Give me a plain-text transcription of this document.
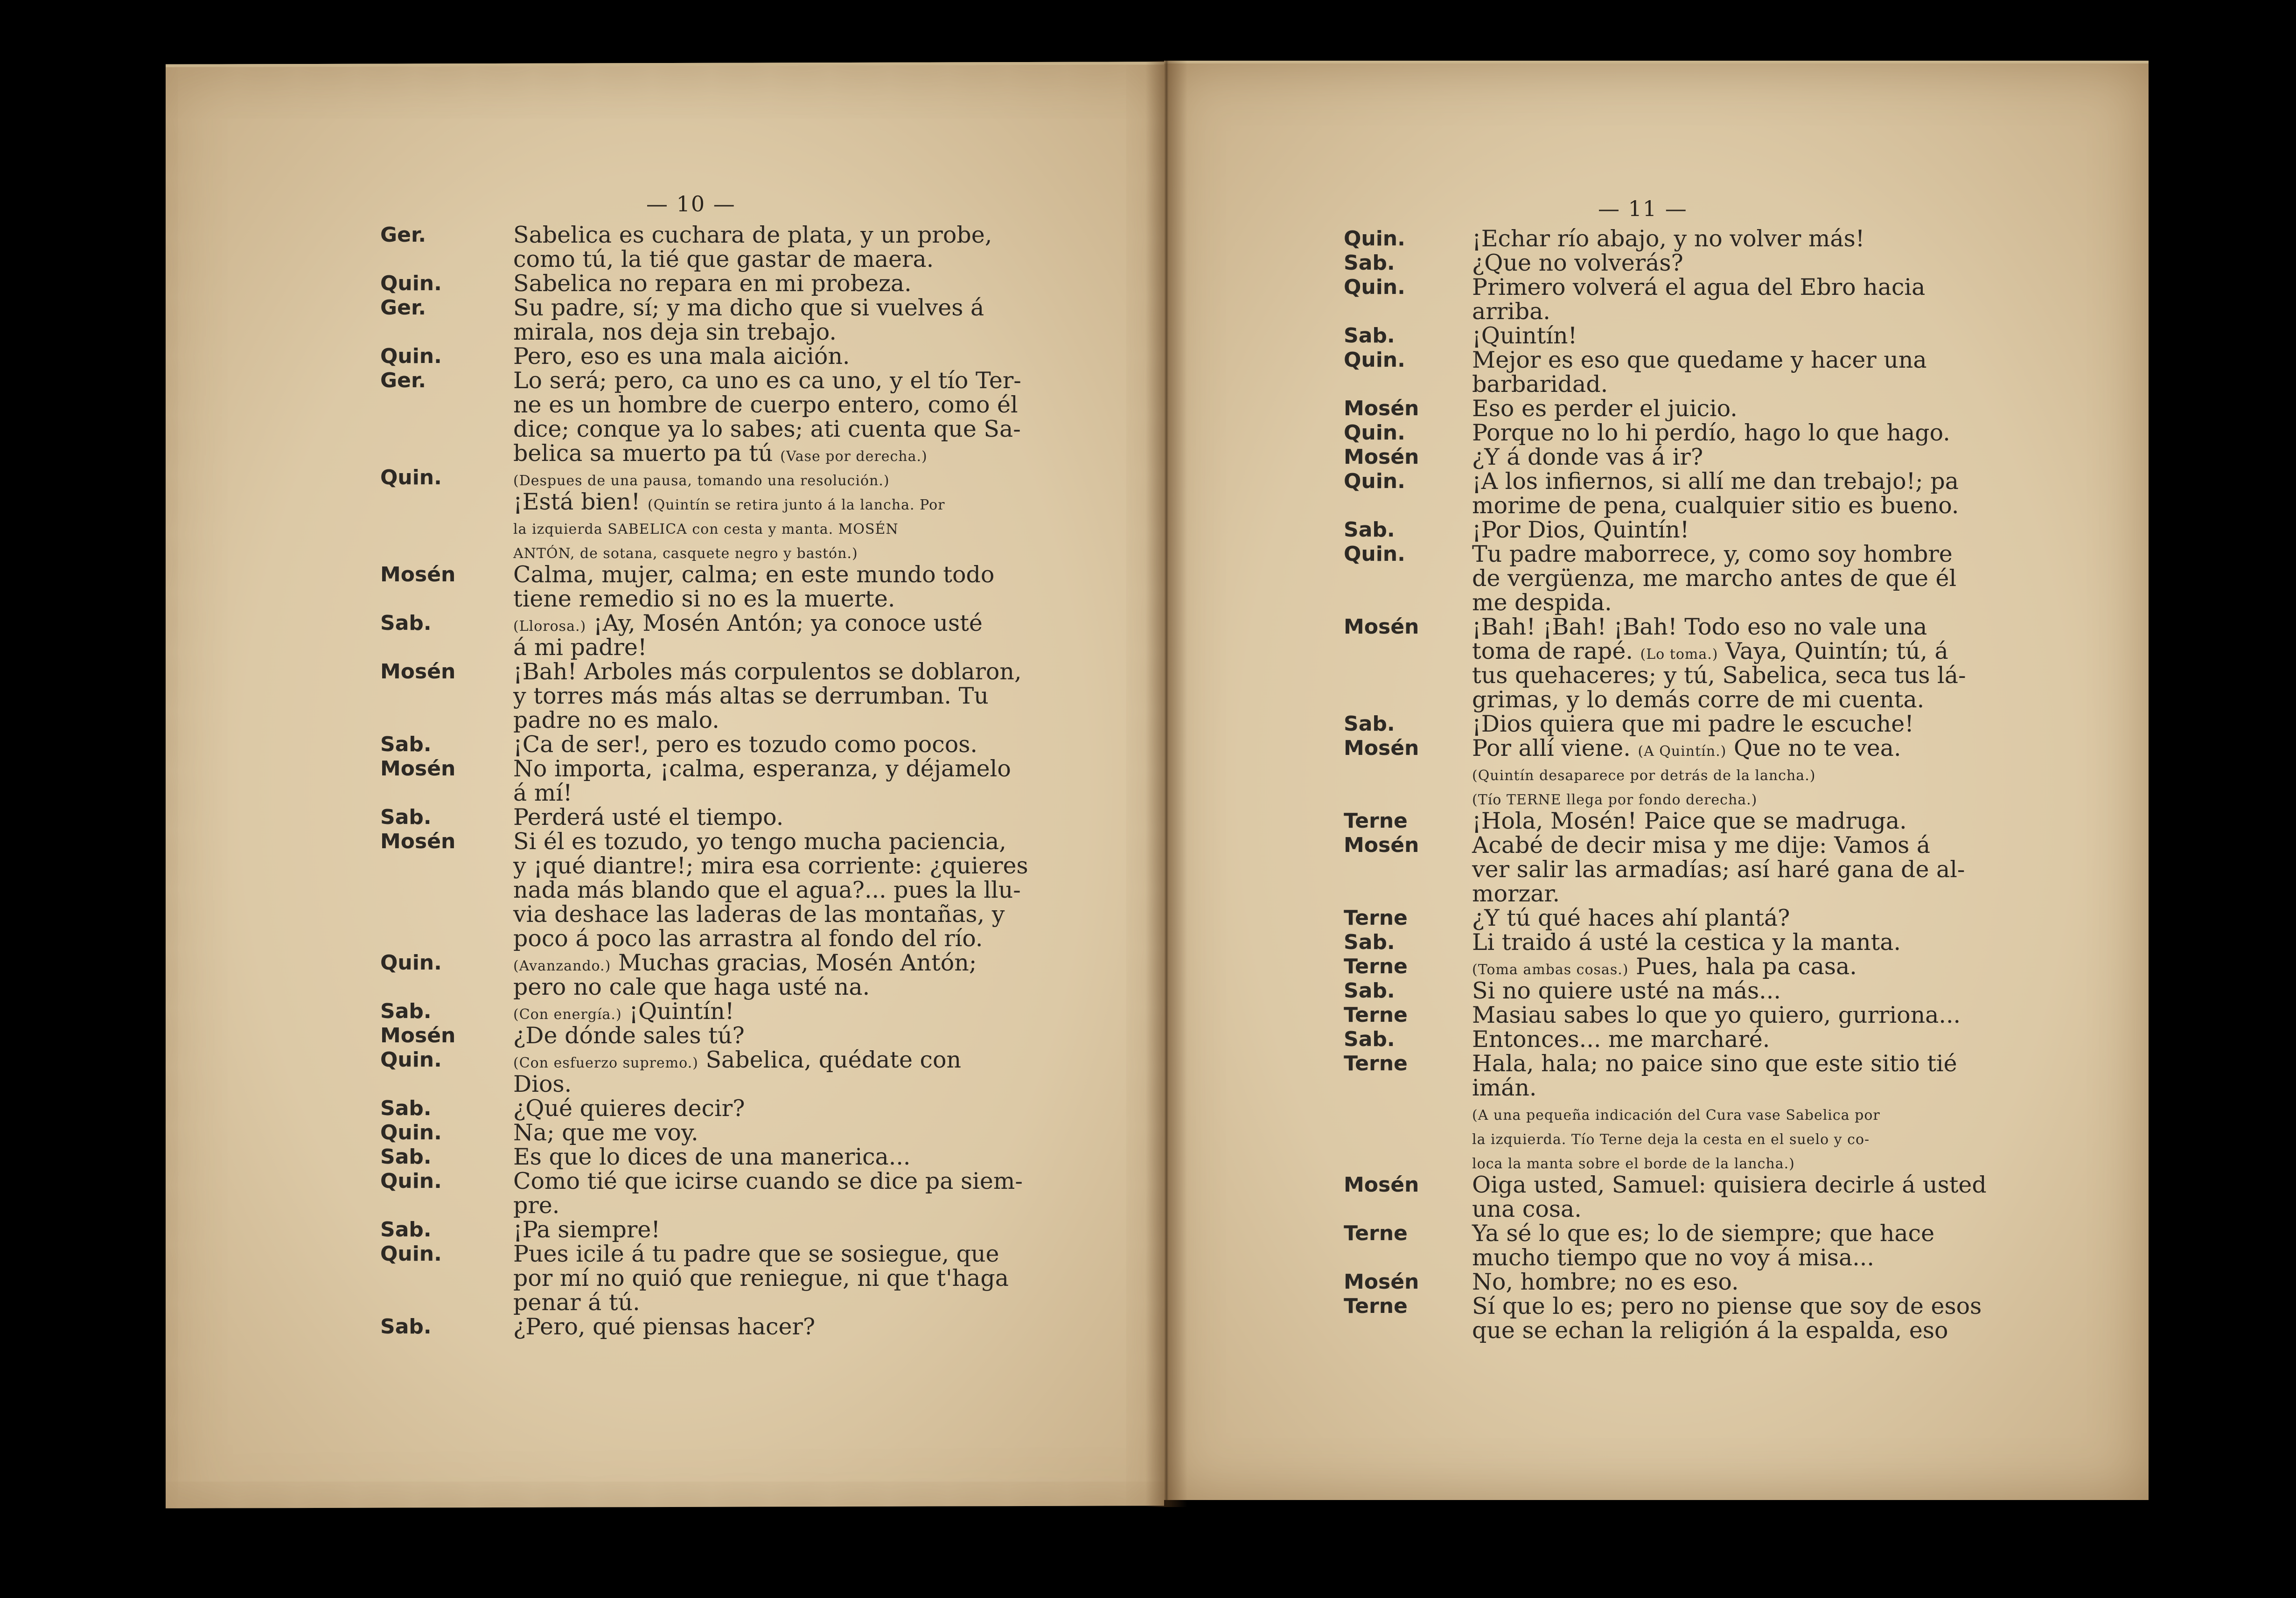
— 10 —	— 11 —
Ger.	Sabelica es cuchara de plata, y un probe,
como tú, la tié que gastar de maera.
Quin.	Sabelica no repara en mi probeza.
Ger.	Su padre, sí; y ma dicho que si vuelves á
mirala, nos deja sin trebajo.
Quin.	Pero, eso es una mala aición.
Ger.	Lo será; pero, ca uno es ca uno, y el tío Ter-
ne es un hombre de cuerpo entero, como él
dice; conque ya lo sabes; ati cuenta que Sa-
belica sa muerto pa tú (Vase por derecha.)
Quin.	(Despues de una pausa, tomando una resolución.)
¡Está bien! (Quintín se retira junto á la lancha. Por
la izquierda SABELICA con cesta y manta. MOSÉN
ANTÓN, de sotana, casquete negro y bastón.)
Mosén	Calma, mujer, calma; en este mundo todo
tiene remedio si no es la muerte.
Sab.	(Llorosa.) ¡Ay, Mosén Antón; ya conoce usté
á mi padre!
Mosén	¡Bah! Arboles más corpulentos se doblaron,
y torres más más altas se derrumban. Tu
padre no es malo.
Sab.	¡Ca de ser!, pero es tozudo como pocos.
Mosén	No importa, ¡calma, esperanza, y déjamelo
á mí!
Sab.	Perderá usté el tiempo.
Mosén	Si él es tozudo, yo tengo mucha paciencia,
y ¡qué diantre!; mira esa corriente: ¿quieres
nada más blando que el agua?... pues la llu-
via deshace las laderas de las montañas, y
poco á poco las arrastra al fondo del río.
Quin.	(Avanzando.) Muchas gracias, Mosén Antón;
pero no cale que haga usté na.
Sab.	(Con energía.) ¡Quintín!
Mosén	¿De dónde sales tú?
Quin.	(Con esfuerzo supremo.) Sabelica, quédate con
Dios.
Sab.	¿Qué quieres decir?
Quin.	Na; que me voy.
Sab.	Es que lo dices de una manerica...
Quin.	Como tié que icirse cuando se dice pa siem-
pre.
Sab.	¡Pa siempre!
Quin.	Pues icile á tu padre que se sosiegue, que
por mí no quió que reniegue, ni que t'haga
penar á tú.
Sab.	¿Pero, qué piensas hacer?
Quin.	¡Echar río abajo, y no volver más!
Sab.	¿Que no volverás?
Quin.	Primero volverá el agua del Ebro hacia
arriba.
Sab.	¡Quintín!
Quin.	Mejor es eso que quedame y hacer una
barbaridad.
Mosén Eso es perder el juicio.
Quin.	Porque no lo hi perdío, hago lo que hago.
Mosén ¿Y á donde vas á ir?
Quin.	¡A los infiernos, si allí me dan trebajo!; pa
morime de pena, cualquier sitio es bueno.
Sab.	¡Por Dios, Quintín!
Quin.	Tu padre maborrece, y, como soy hombre
de vergüenza, me marcho antes de que él
me despida.
Mosén ¡Bah! ¡Bah! ¡Bah! Todo eso no vale una
toma de rapé. (Lo toma.) Vaya, Quintín; tú, á
tus quehaceres; y tú, Sabelica, seca tus lá-
grimas, y lo demás corre de mi cuenta.
Sab.	¡Dios quiera que mi padre le escuche!
Mosén Por allí viene. (A Quintín.) Que no te vea.
(Quintín desaparece por detrás de la lancha.)
(Tío TERNE llega por fondo derecha.)
Terne	¡Hola, Mosén! Paice que se madruga.
Mosén Acabé de decir misa y me dije: Vamos á
ver salir las armadías; así haré gana de al-
morzar.
Terne	¿Y tú qué haces ahí plantá?
Sab.	Li traido á usté la cestica y la manta.
Terne	(Toma ambas cosas.) Pues, hala pa casa.
Sab.	Si no quiere usté na más...
Terne	Masiau sabes lo que yo quiero, gurriona...
Sab.	Entonces... me marcharé.
Terne	Hala, hala; no paice sino que este sitio tié
imán.
(A una pequeña indicación del Cura vase Sabelica por
la izquierda. Tío Terne deja la cesta en el suelo y co-
loca la manta sobre el borde de la lancha.)
Mosén Oiga usted, Samuel: quisiera decirle á usted
una cosa.
Terne	Ya sé lo que es; lo de siempre; que hace
mucho tiempo que no voy á misa...
Mosén No, hombre; no es eso.
Terne	Sí que lo es; pero no piense que soy de esos
que se echan la religión á la espalda, eso
